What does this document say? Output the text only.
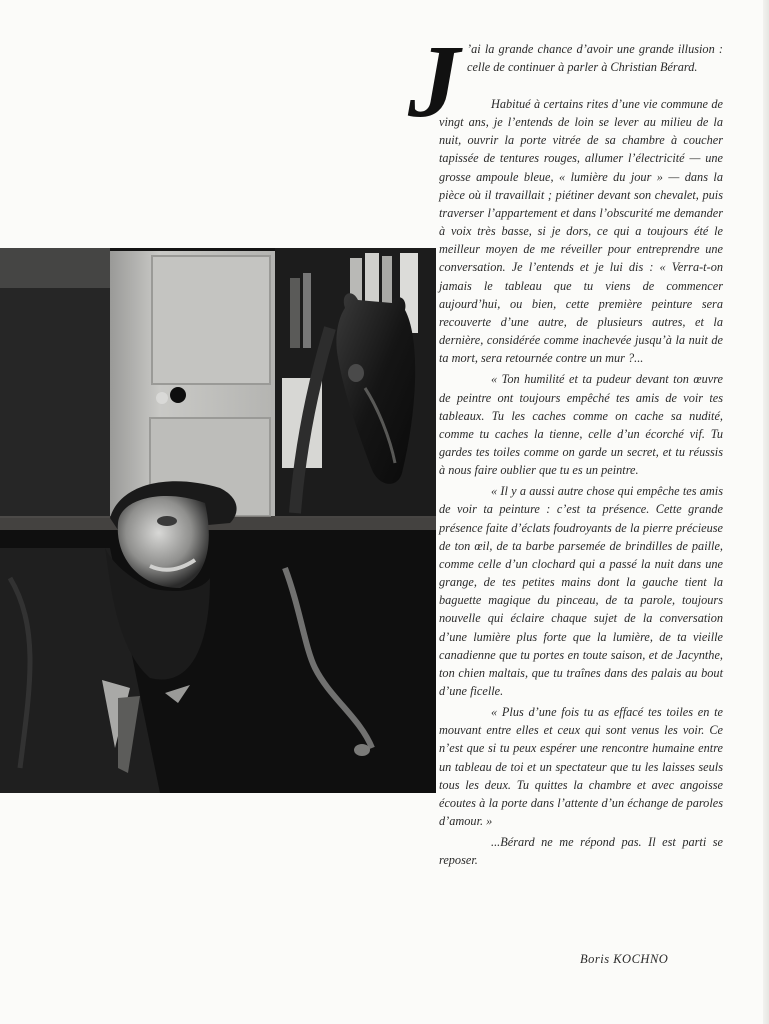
J ’ai la grande chance d’avoir une grande illusion : celle de continuer à parler à Christian Bérard.

Habitué à certains rites d’une vie commune de vingt ans, je l’entends de loin se lever au milieu de la nuit, ouvrir la porte vitrée de sa chambre à coucher tapissée de tentures rouges, allumer l’électricité — une grosse ampoule bleue, « lumière du jour » — dans la pièce où il travaillait ; piétiner devant son chevalet, puis traverser l’appartement et dans l’obscurité me demander à voix très basse, si je dors, ce qui a toujours été le meilleur moyen de me réveiller pour entreprendre une conversation. Je l’entends et je lui dis : « Verra-t-on jamais le tableau que tu viens de commencer aujourd’hui, ou bien, cette première peinture sera recouverte d’une autre, de plusieurs autres, et la dernière, considérée comme inachevée jusqu’à la nuit de ta mort, sera retournée contre un mur ?...

« Ton humilité et ta pudeur devant ton œuvre de peintre ont toujours empêché tes amis de voir tes tableaux. Tu les caches comme on cache sa nudité, comme tu caches la tienne, celle d’un écorché vif. Tu gardes tes toiles comme on garde un secret, et tu réussis à nous faire oublier que tu es un peintre.

« Il y a aussi autre chose qui empêche tes amis de voir ta peinture : c’est ta présence. Cette grande présence faite d’éclats foudroyants de la pierre précieuse de ton œil, de ta barbe parsemée de brindilles de paille, comme celle d’un clochard qui a passé la nuit dans une grange, de tes petites mains dont la gauche tient la baguette magique du pinceau, de ta parole, toujours nouvelle qui éclaire chaque sujet de la conversation d’une lumière plus forte que la lumière, de ta vieille canadienne que tu portes en toute saison, et de Jacynthe, ton chien maltais, que tu traînes dans des palais au bout d’une ficelle.

« Plus d’une fois tu as effacé tes toiles en te mouvant entre elles et ceux qui sont venus les voir. Ce n’est que si tu peux espérer une rencontre humaine entre un tableau de toi et un spectateur que tu les laisses seuls tous les deux. Tu quittes la chambre et avec angoisse écoutes à la porte dans l’attente d’un échange de paroles d’amour. »

...Bérard ne me répond pas. Il est parti se reposer.

Boris KOCHNO
